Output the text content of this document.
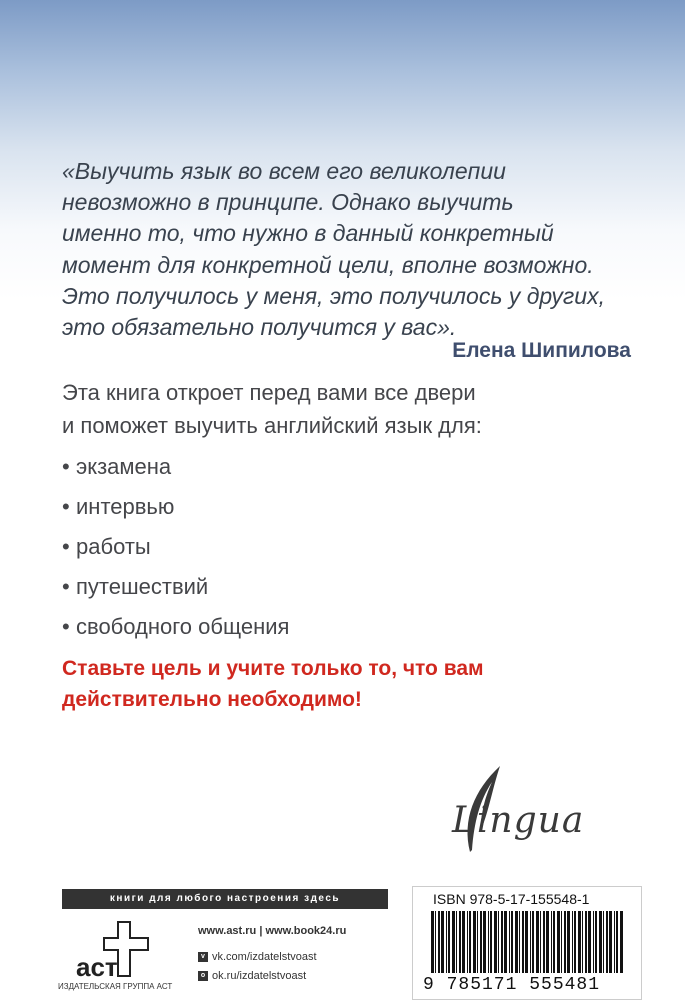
«Выучить язык во всем его великолепии
невозможно в принципе. Однако выучить
именно то, что нужно в данный конкретный
момент для конкретной цели, вполне возможно.
Это получилось у меня, это получилось у других,
это обязательно получится у вас».
Елена Шипилова
Эта книга откроет перед вами все двери
и поможет выучить английский язык для:
• экзамена
• интервью
• работы
• путешествий
• свободного общения
Ставьте цель и учите только то, что вам
действительно необходимо!
Lingua
книги для любого настроения здесь
аст
ИЗДАТЕЛЬСКАЯ ГРУППА АСТ
www.ast.ru | www.book24.ru
v vk.com/izdatelstvoast
o ok.ru/izdatelstvoast
ISBN 978-5-17-155548-1
9 785171 555481
